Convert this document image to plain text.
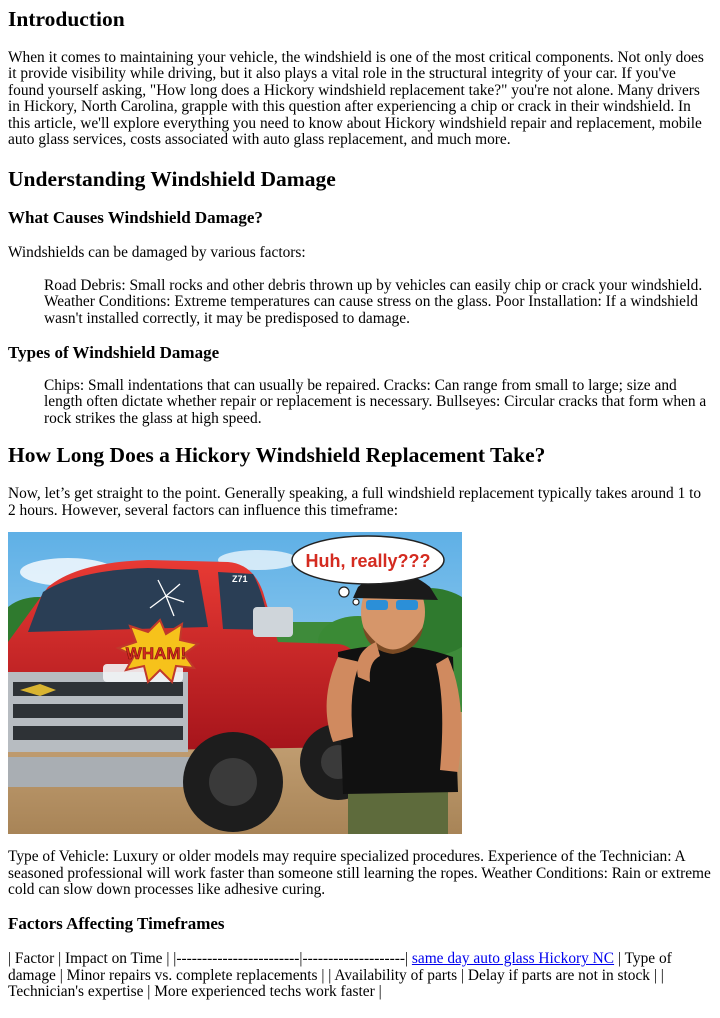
Introduction

When it comes to maintaining your vehicle, the windshield is one of the most critical components. Not only does it provide visibility while driving, but it also plays a vital role in the structural integrity of your car. If you've found yourself asking, "How long does a Hickory windshield replacement take?" you're not alone. Many drivers in Hickory, North Carolina, grapple with this question after experiencing a chip or crack in their windshield. In this article, we'll explore everything you need to know about Hickory windshield repair and replacement, mobile auto glass services, costs associated with auto glass replacement, and much more.

Understanding Windshield Damage
What Causes Windshield Damage?

Windshields can be damaged by various factors:

Road Debris: Small rocks and other debris thrown up by vehicles can easily chip or crack your windshield. Weather Conditions: Extreme temperatures can cause stress on the glass. Poor Installation: If a windshield wasn't installed correctly, it may be predisposed to damage.
Types of Windshield Damage
Chips: Small indentations that can usually be repaired. Cracks: Can range from small to large; size and length often dictate whether repair or replacement is necessary. Bullseyes: Circular cracks that form when a rock strikes the glass at high speed.
How Long Does a Hickory Windshield Replacement Take?

Now, let’s get straight to the point. Generally speaking, a full windshield replacement typically takes around 1 to 2 hours. However, several factors can influence this timeframe:

Z71
WHAM!
Huh, really???

Type of Vehicle: Luxury or older models may require specialized procedures. Experience of the Technician: A seasoned professional will work faster than someone still learning the ropes. Weather Conditions: Rain or extreme cold can slow down processes like adhesive curing.

Factors Affecting Timeframes

| Factor | Impact on Time | |------------------------|--------------------| same day auto glass Hickory NC | Type of damage | Minor repairs vs. complete replacements | | Availability of parts | Delay if parts are not in stock | | Technician's expertise | More experienced techs work faster |
